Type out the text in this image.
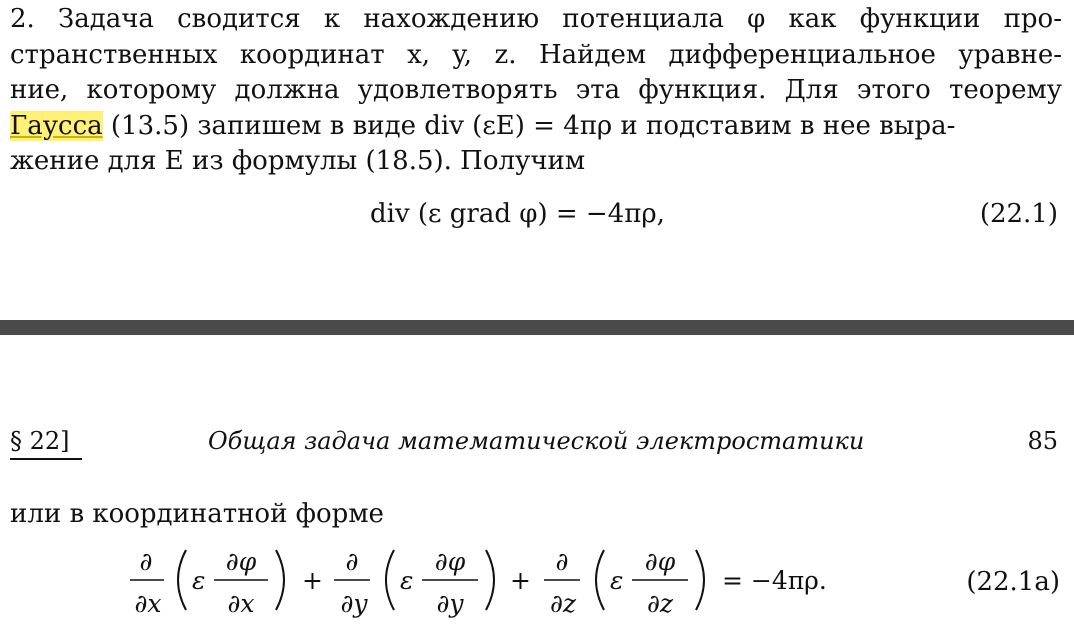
2. Задача сводится к нахождению потенциала φ как функции про-
странственных координат x, y, z. Найдем дифференциальное уравне-
ние, которому должна удовлетворять эта функция. Для этого теорему
Гаусса (13.5) запишем в виде div (εE) = 4πρ и подставим в нее выра-
жение для E из формулы (18.5). Получим
div (ε grad φ) = −4πρ,	(22.1)
§ 22]	Общая задача математической электростатики	85
или в координатной форме
∂
∂x
ε
∂φ
∂x
+
∂
∂y
ε
∂φ
∂y
+
∂
∂z
ε
∂φ
∂z
= −4πρ.	(22.1a)
